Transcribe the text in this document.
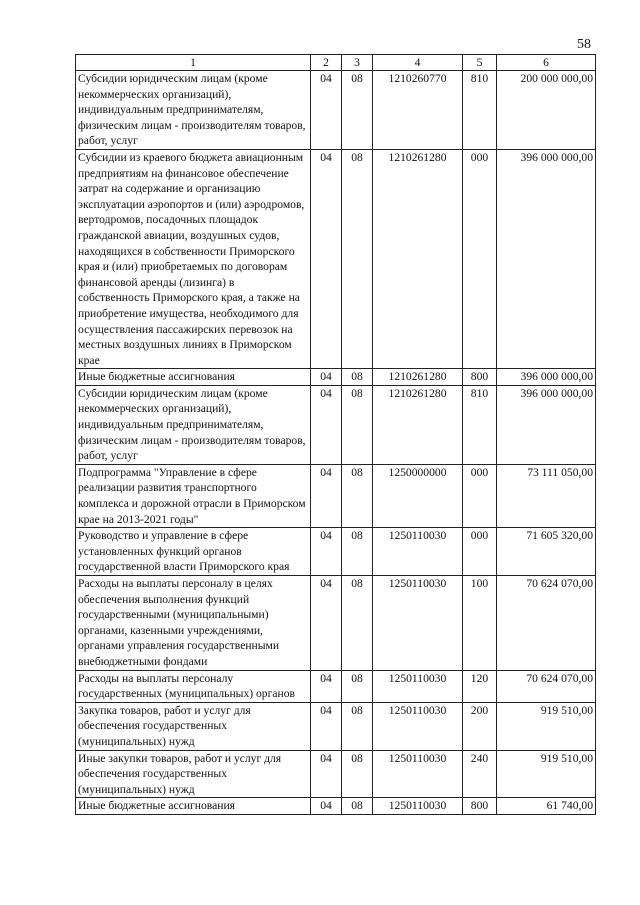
58
1	2	3	4	5	6
Субсидии юридическим лицам (кроме некоммерческих организаций), индивидуальным предпринимателям, физическим лицам - производителям товаров, работ, услуг	04	08	1210260770	810	200 000 000,00
Субсидии из краевого бюджета авиационным предприятиям на финансовое обеспечение затрат на содержание и организацию эксплуатации аэропортов и (или) аэродромов, вертодромов, посадочных площадок гражданской авиации, воздушных судов, находящихся в собственности Приморского края и (или) приобретаемых по договорам финансовой аренды (лизинга) в собственность Приморского края, а также на приобретение имущества, необходимого для осуществления пассажирских перевозок на местных воздушных линиях в Приморском крае	04	08	1210261280	000	396 000 000,00
Иные бюджетные ассигнования	04	08	1210261280	800	396 000 000,00
Субсидии юридическим лицам (кроме некоммерческих организаций), индивидуальным предпринимателям, физическим лицам - производителям товаров, работ, услуг	04	08	1210261280	810	396 000 000,00
Подпрограмма "Управление в сфере реализации развития транспортного комплекса и дорожной отрасли в Приморском крае на 2013-2021 годы"	04	08	1250000000	000	73 111 050,00
Руководство и управление в сфере установленных функций органов государственной власти Приморского края	04	08	1250110030	000	71 605 320,00
Расходы на выплаты персоналу в целях обеспечения выполнения функций государственными (муниципальными) органами, казенными учреждениями, органами управления государственными внебюджетными фондами	04	08	1250110030	100	70 624 070,00
Расходы на выплаты персоналу государственных (муниципальных) органов	04	08	1250110030	120	70 624 070,00
Закупка товаров, работ и услуг для обеспечения государственных (муниципальных) нужд	04	08	1250110030	200	919 510,00
Иные закупки товаров, работ и услуг для обеспечения государственных (муниципальных) нужд	04	08	1250110030	240	919 510,00
Иные бюджетные ассигнования	04	08	1250110030	800	61 740,00
